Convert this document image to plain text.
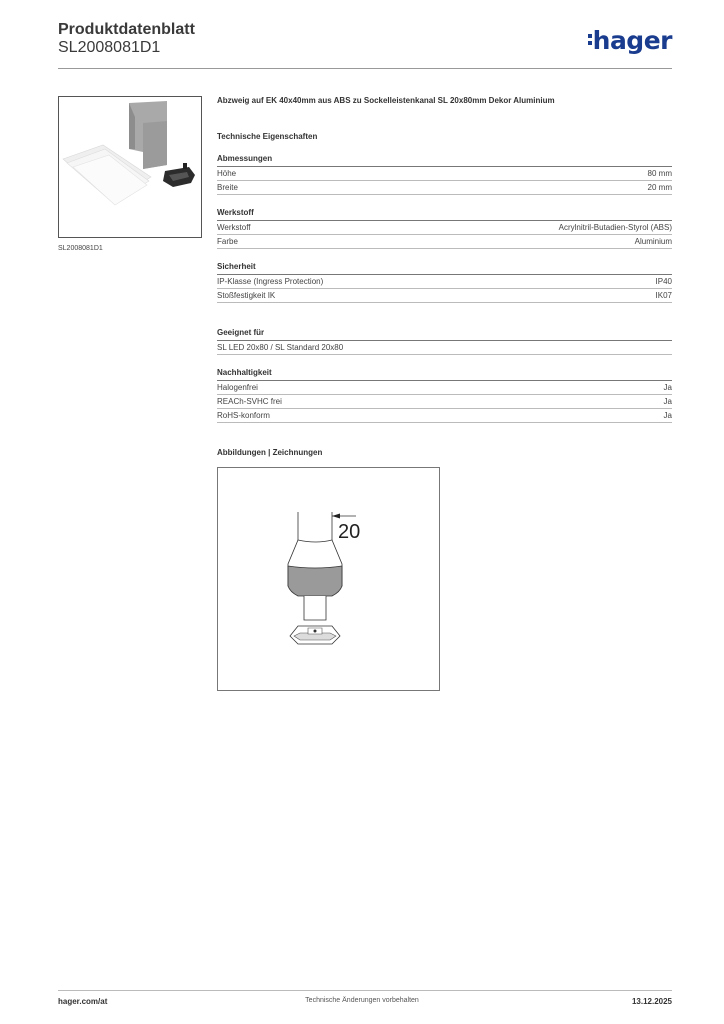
Produktdatenblatt
SL2008081D1	hager
SL2008081D1
Abzweig auf EK 40x40mm aus ABS zu Sockelleistenkanal SL 20x80mm Dekor Aluminium
Technische Eigenschaften
Abmessungen
Höhe	80 mm
Breite	20 mm
Werkstoff
Werkstoff	Acrylnitril-Butadien-Styrol (ABS)
Farbe	Aluminium
Sicherheit
IP-Klasse (Ingress Protection)	IP40
Stoßfestigkeit IK	IK07
Geeignet für
SL LED 20x80 / SL Standard 20x80
Nachhaltigkeit
Halogenfrei	Ja
REACh-SVHC frei	Ja
RoHS-konform	Ja
Abbildungen | Zeichnungen
20
hager.com/at	Technische Änderungen vorbehalten	13.12.2025
